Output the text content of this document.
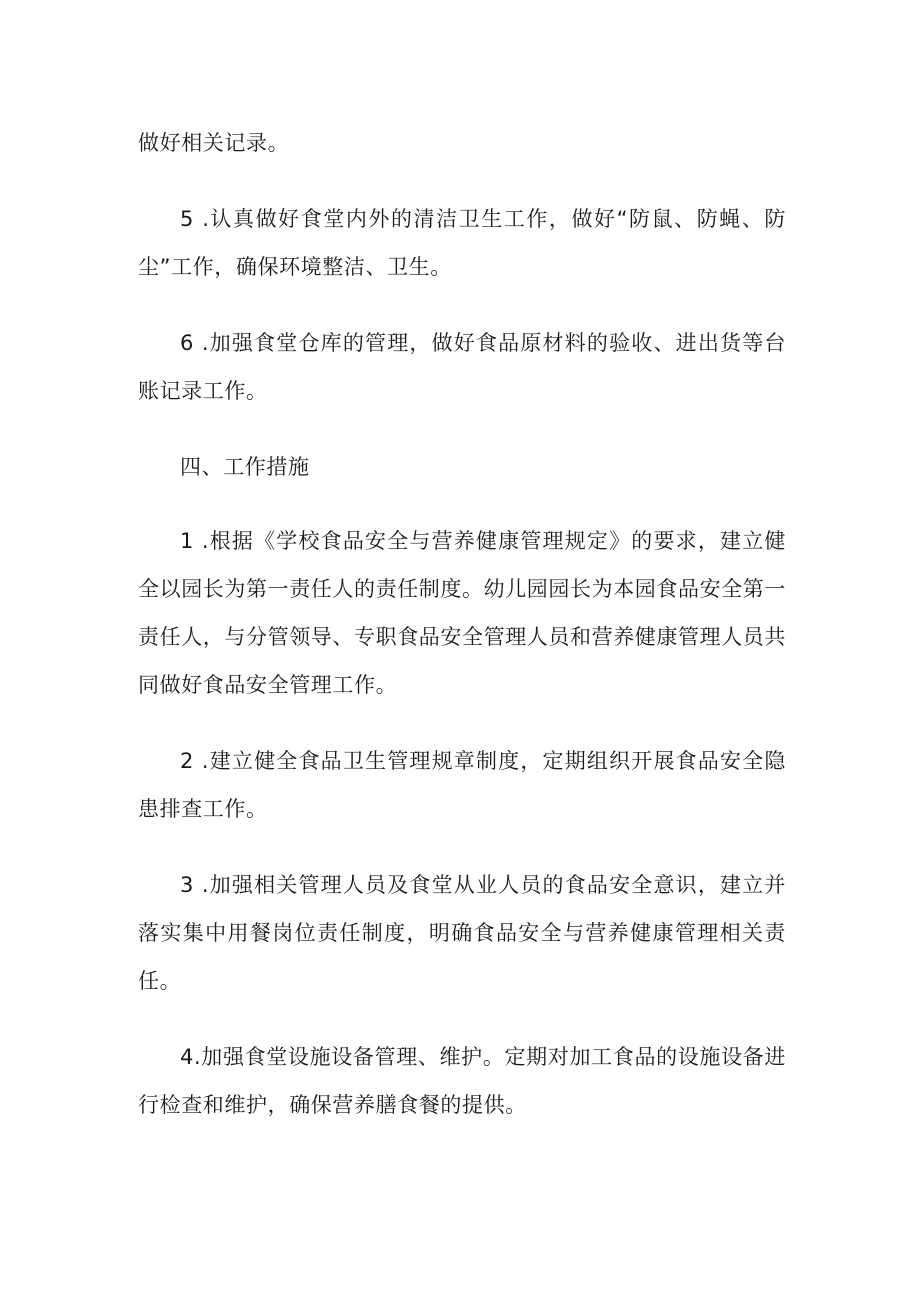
做好相关记录。

5 .认真做好食堂内外的清洁卫生工作，做好“防鼠、防蝇、防尘”工作，确保环境整洁、卫生。

6 .加强食堂仓库的管理，做好食品原材料的验收、进出货等台账记录工作。

四、工作措施

1 .根据《学校食品安全与营养健康管理规定》的要求，建立健全以园长为第一责任人的责任制度。幼儿园园长为本园食品安全第一责任人，与分管领导、专职食品安全管理人员和营养健康管理人员共同做好食品安全管理工作。

2 .建立健全食品卫生管理规章制度，定期组织开展食品安全隐患排查工作。

3 .加强相关管理人员及食堂从业人员的食品安全意识，建立并落实集中用餐岗位责任制度，明确食品安全与营养健康管理相关责任。

4.加强食堂设施设备管理、维护。定期对加工食品的设施设备进行检查和维护，确保营养膳食餐的提供。
